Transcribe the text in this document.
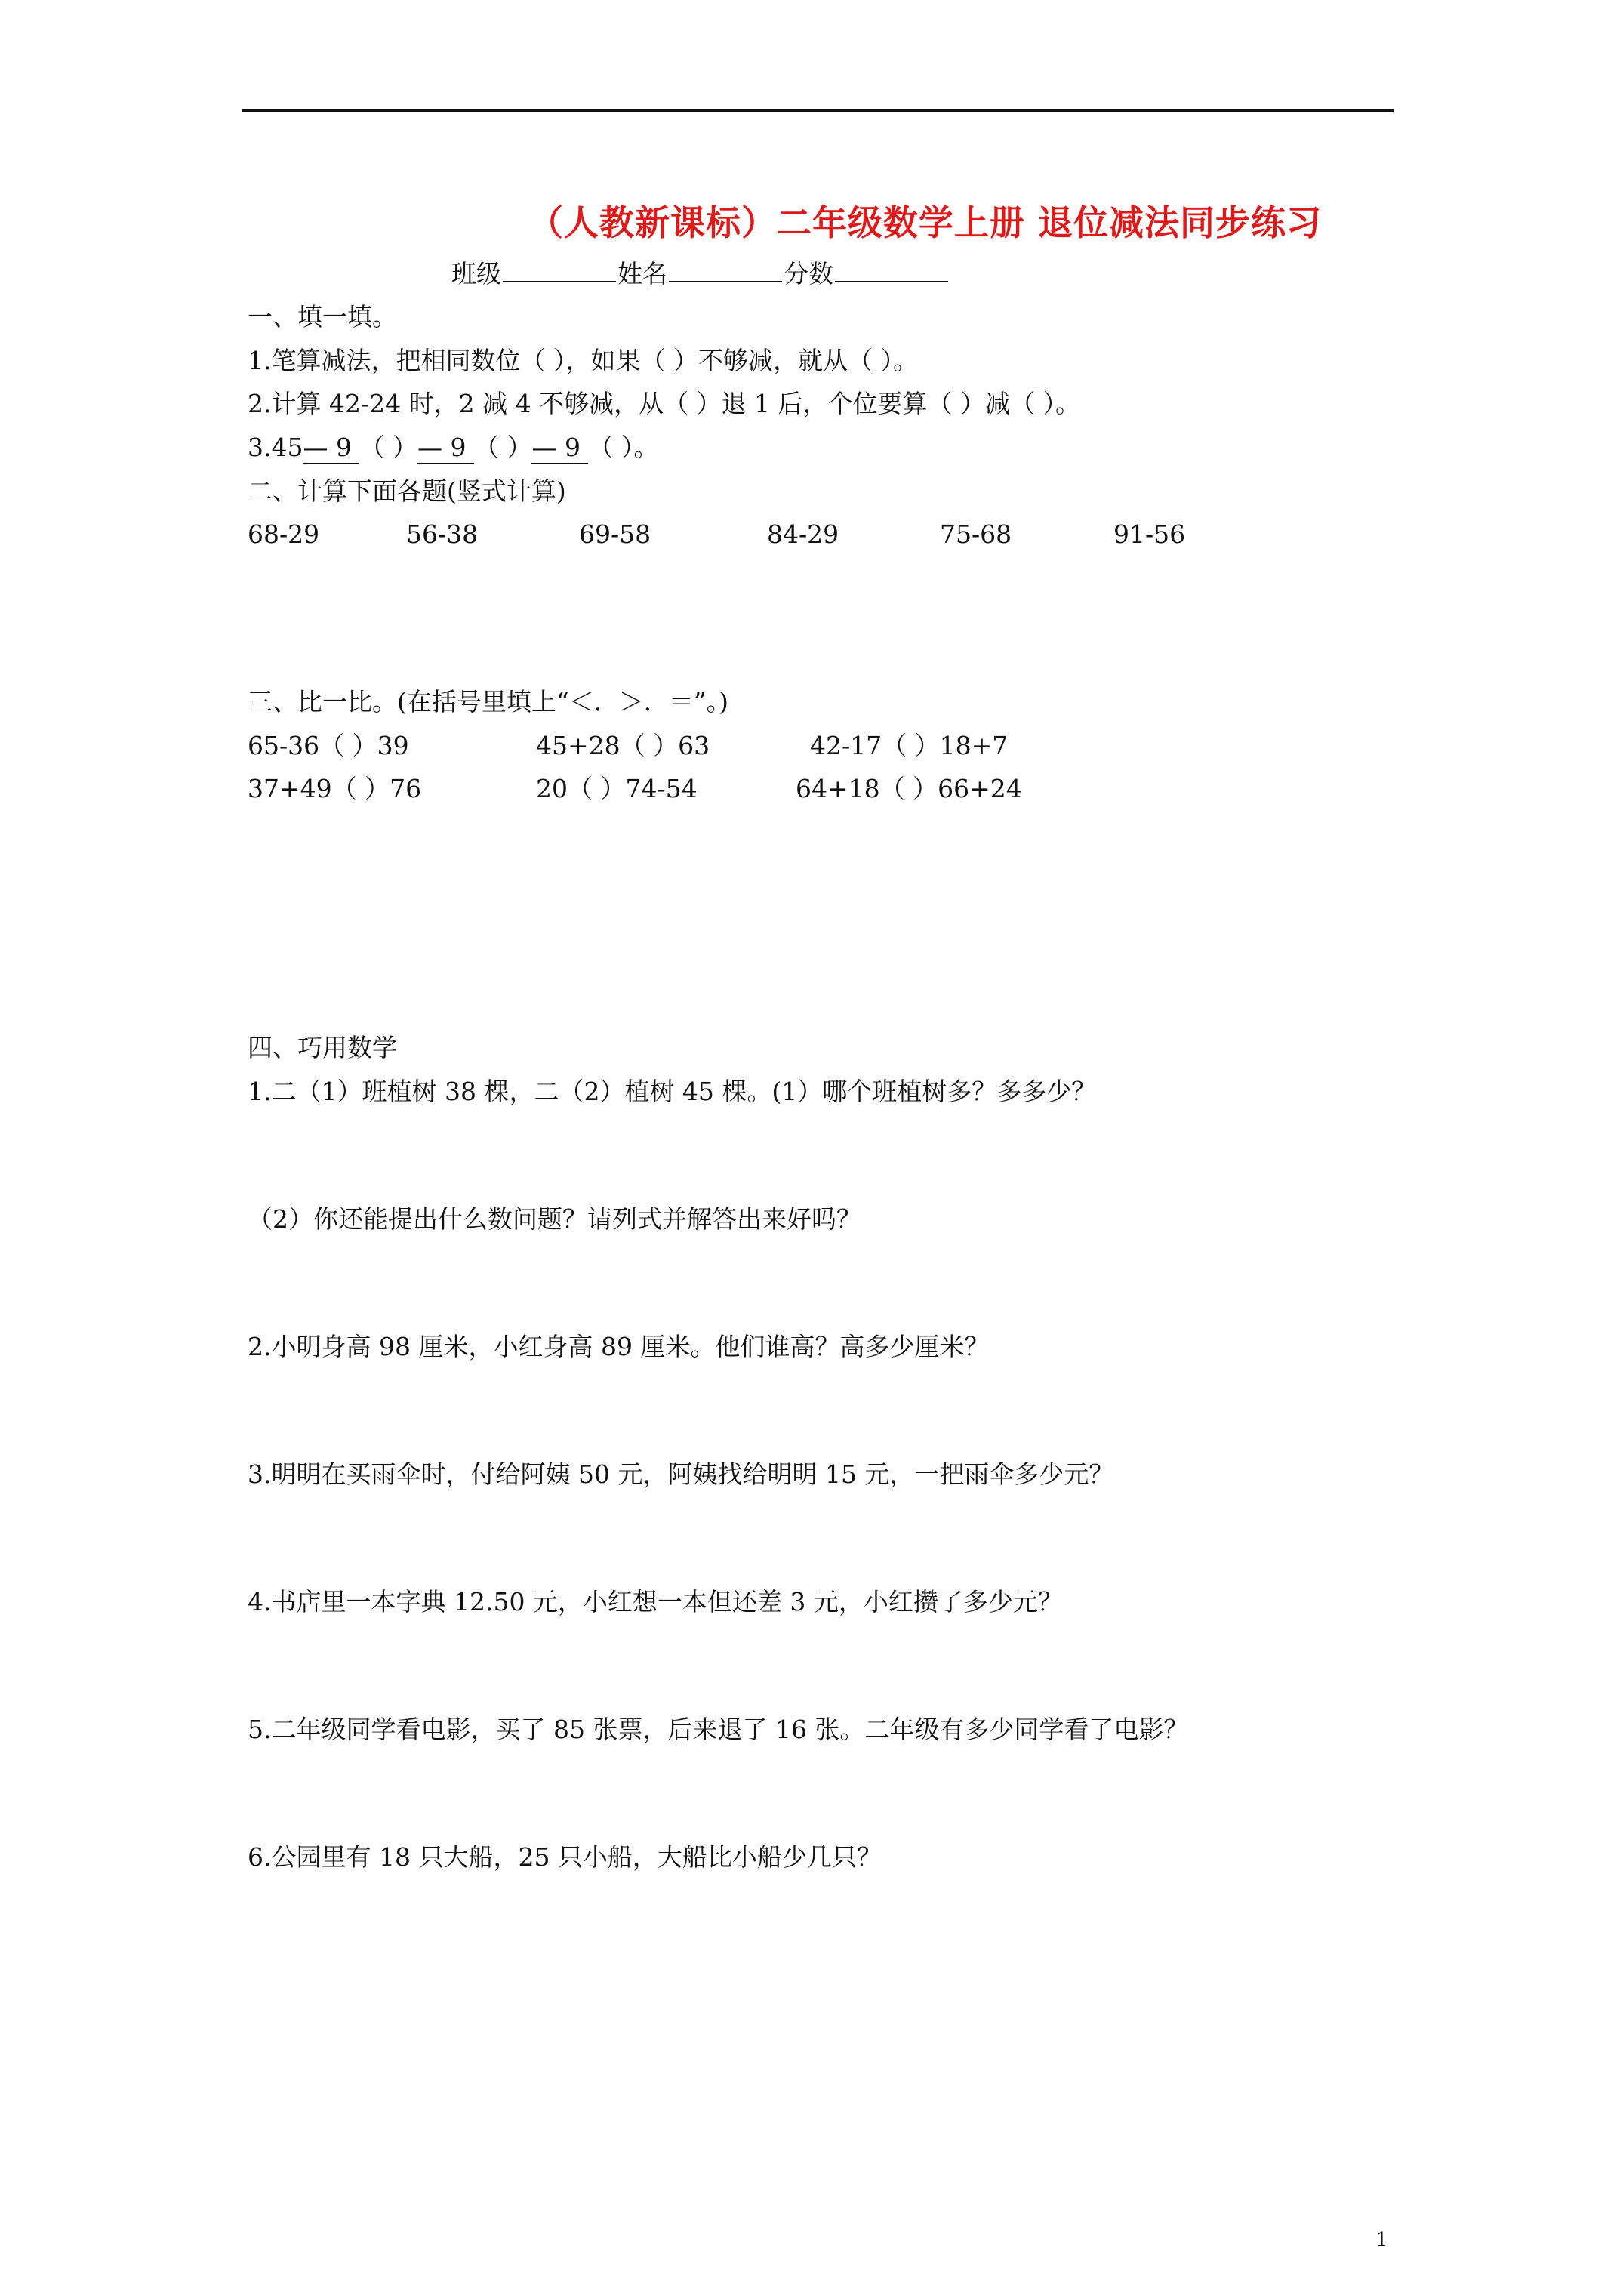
（人教新课标）二年级数学上册 退位减法同步练习
班级	姓名	分数
一、填一填。
1.笔算减法，把相同数位（ ），如果（ ）不够减，就从（ ）。
2.计算 42-24 时，2 减 4 不够减，从（ ）退 1 后，个位要算（ ）减（ ）。
3.45— 9 （ ）— 9 （ ）— 9 （ ）。
二、计算下面各题(竖式计算)
68-29	56-38	69-58	84-29	75-68	91-56
三、比一比。(在括号里填上“＜．＞．＝”。)
65-36（ ）39	45+28（ ）63	42-17（ ）18+7
37+49（ ）76	20（ ）74-54	64+18（ ）66+24
四、巧用数学
1.二（1）班植树 38 棵，二（2）植树 45 棵。(1）哪个班植树多？多多少？
（2）你还能提出什么数问题？请列式并解答出来好吗？
2.小明身高 98 厘米，小红身高 89 厘米。他们谁高？高多少厘米？
3.明明在买雨伞时，付给阿姨 50 元，阿姨找给明明 15 元，一把雨伞多少元？
4.书店里一本字典 12.50 元，小红想一本但还差 3 元，小红攒了多少元？
5.二年级同学看电影，买了 85 张票，后来退了 16 张。二年级有多少同学看了电影？
6.公园里有 18 只大船，25 只小船，大船比小船少几只？
1
